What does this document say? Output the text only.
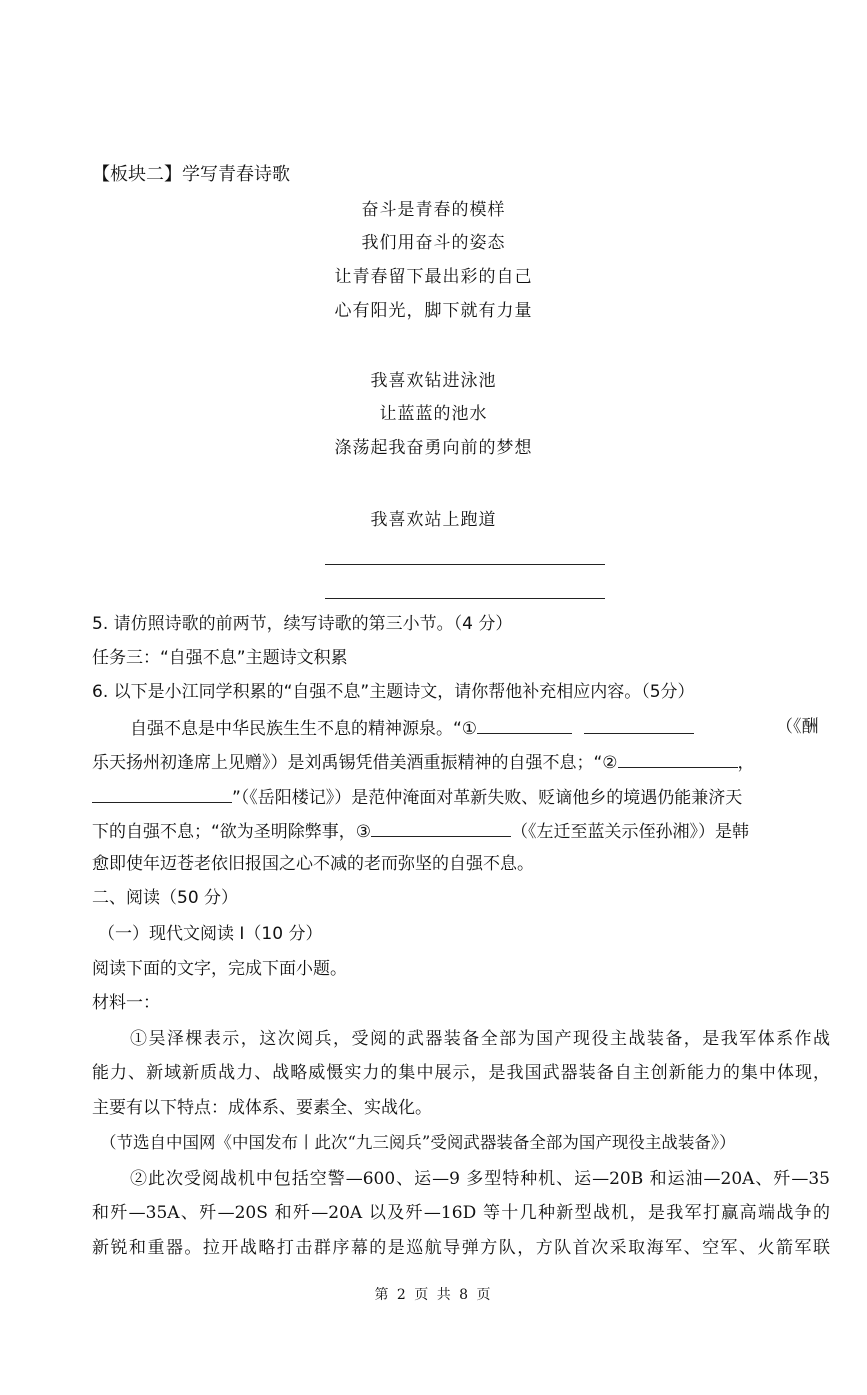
【板块二】学写青春诗歌
奋斗是青春的模样
我们用奋斗的姿态
让青春留下最出彩的自己
心有阳光，脚下就有力量
我喜欢钻进泳池
让蓝蓝的池水
涤荡起我奋勇向前的梦想
我喜欢站上跑道
5. 请仿照诗歌的前两节，续写诗歌的第三小节。（4 分）
任务三：“自强不息”主题诗文积累
6. 以下是小江同学积累的“自强不息”主题诗文，请你帮他补充相应内容。（5分）
自强不息是中华民族生生不息的精神源泉。“①	（《酬
乐天扬州初逢席上见赠》）是刘禹锡凭借美酒重振精神的自强不息；“②	，
”（《岳阳楼记》）是范仲淹面对革新失败、贬谪他乡的境遇仍能兼济天
下的自强不息；“欲为圣明除弊事，③	（《左迁至蓝关示侄孙湘》）是韩
愈即使年迈苍老依旧报国之心不减的老而弥坚的自强不息。
二、阅读（50 分）
（一）现代文阅读 I（10 分）
阅读下面的文字，完成下面小题。
材料一：
①吴泽棵表示，这次阅兵，受阅的武器装备全部为国产现役主战装备，是我军体系作战
能力、新域新质战力、战略威慑实力的集中展示，是我国武器装备自主创新能力的集中体现，
主要有以下特点：成体系、要素全、实战化。
（节选自中国网《中国发布丨此次“九三阅兵”受阅武器装备全部为国产现役主战装备》）
②此次受阅战机中包括空警—600、运—9 多型特种机、运—20B 和运油—20A、歼—35
和歼—35A、歼—20S 和歼—20A 以及歼—16D 等十几种新型战机，是我军打赢高端战争的
新锐和重器。拉开战略打击群序幕的是巡航导弹方队，方队首次采取海军、空军、火箭军联
第 2 页 共 8 页
